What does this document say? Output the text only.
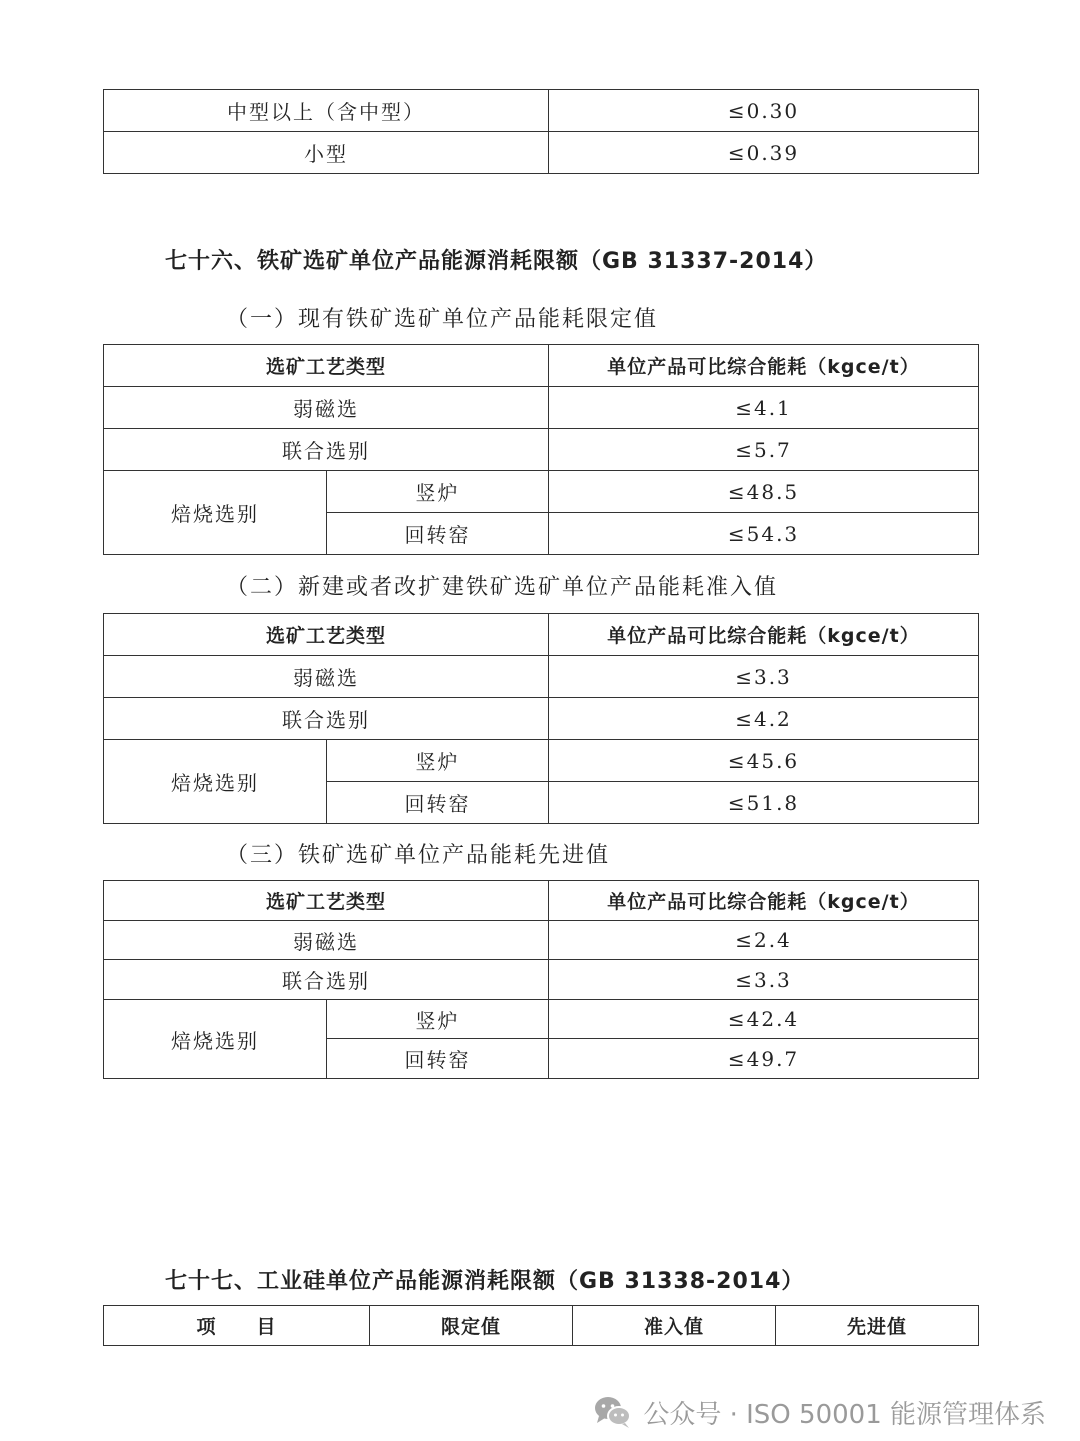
中型以上（含中型）	≤0.30
小型	≤0.39
七十六、铁矿选矿单位产品能源消耗限额（GB 31337-2014）
（一）现有铁矿选矿单位产品能耗限定值
选矿工艺类型		单位产品可比综合能耗（kgce/t）
弱磁选		≤4.1
联合选别		≤5.7
焙烧选别	竖炉	≤48.5
	回转窑	≤54.3
（二）新建或者改扩建铁矿选矿单位产品能耗准入值
选矿工艺类型		单位产品可比综合能耗（kgce/t）
弱磁选		≤3.3
联合选别		≤4.2
焙烧选别	竖炉	≤45.6
	回转窑	≤51.8
（三）铁矿选矿单位产品能耗先进值
选矿工艺类型		单位产品可比综合能耗（kgce/t）
弱磁选		≤2.4
联合选别		≤3.3
焙烧选别	竖炉	≤42.4
	回转窑	≤49.7
七十七、工业硅单位产品能源消耗限额（GB 31338-2014）
项　　目	限定值	准入值	先进值
公众号 · ISO 50001 能源管理体系
